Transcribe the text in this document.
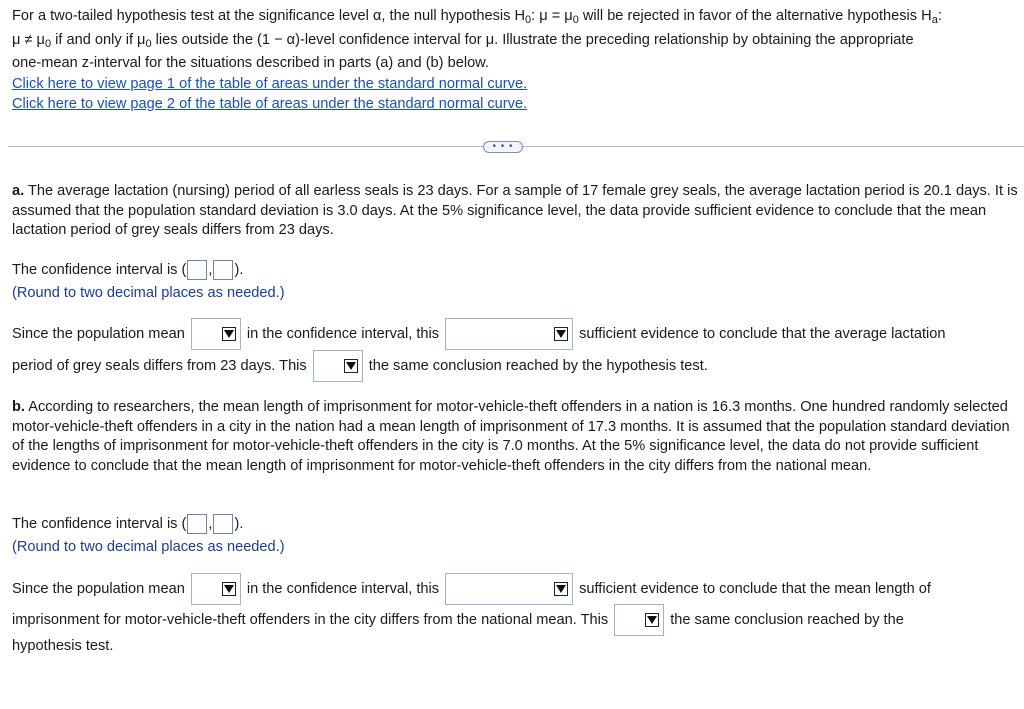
For a two-tailed hypothesis test at the significance level α, the null hypothesis $H_0$: $\mu = \mu_0$ will be rejected in favor of the alternative hypothesis $H_a$:

$\mu \ne \mu_0$ if and only if $\mu_0$ lies outside the (1 − α)-level confidence interval for μ. Illustrate the preceding relationship by obtaining the appropriate

one-mean z-interval for the situations described in parts (a) and (b) below.

Click here to view page 1 of the table of areas under the standard normal curve.
Click here to view page 2 of the table of areas under the standard normal curve.
• • •
a. The average lactation (nursing) period of all earless seals is 23 days. For a sample of 17 female grey seals, the average lactation period is 20.1 days. It is assumed that the population standard deviation is 3.0 days. At the 5% significance level, the data provide sufficient evidence to conclude that the mean lactation period of grey seals differs from 23 days.
The confidence interval is ( , ).
(Round to two decimal places as needed.)
Since the population mean	in the confidence interval, this	sufficient evidence to conclude that the average lactation
period of grey seals differs from 23 days. This	the same conclusion reached by the hypothesis test.
b. According to researchers, the mean length of imprisonment for motor-vehicle-theft offenders in a nation is 16.3 months. One hundred randomly selected motor-vehicle-theft offenders in a city in the nation had a mean length of imprisonment of 17.3 months. It is assumed that the population standard deviation of the lengths of imprisonment for motor-vehicle-theft offenders in the city is 7.0 months. At the 5% significance level, the data do not provide sufficient evidence to conclude that the mean length of imprisonment for motor-vehicle-theft offenders in the city differs from the national mean.
The confidence interval is ( , ).
(Round to two decimal places as needed.)
Since the population mean	in the confidence interval, this	sufficient evidence to conclude that the mean length of
imprisonment for motor-vehicle-theft offenders in the city differs from the national mean. This	the same conclusion reached by the
hypothesis test.
